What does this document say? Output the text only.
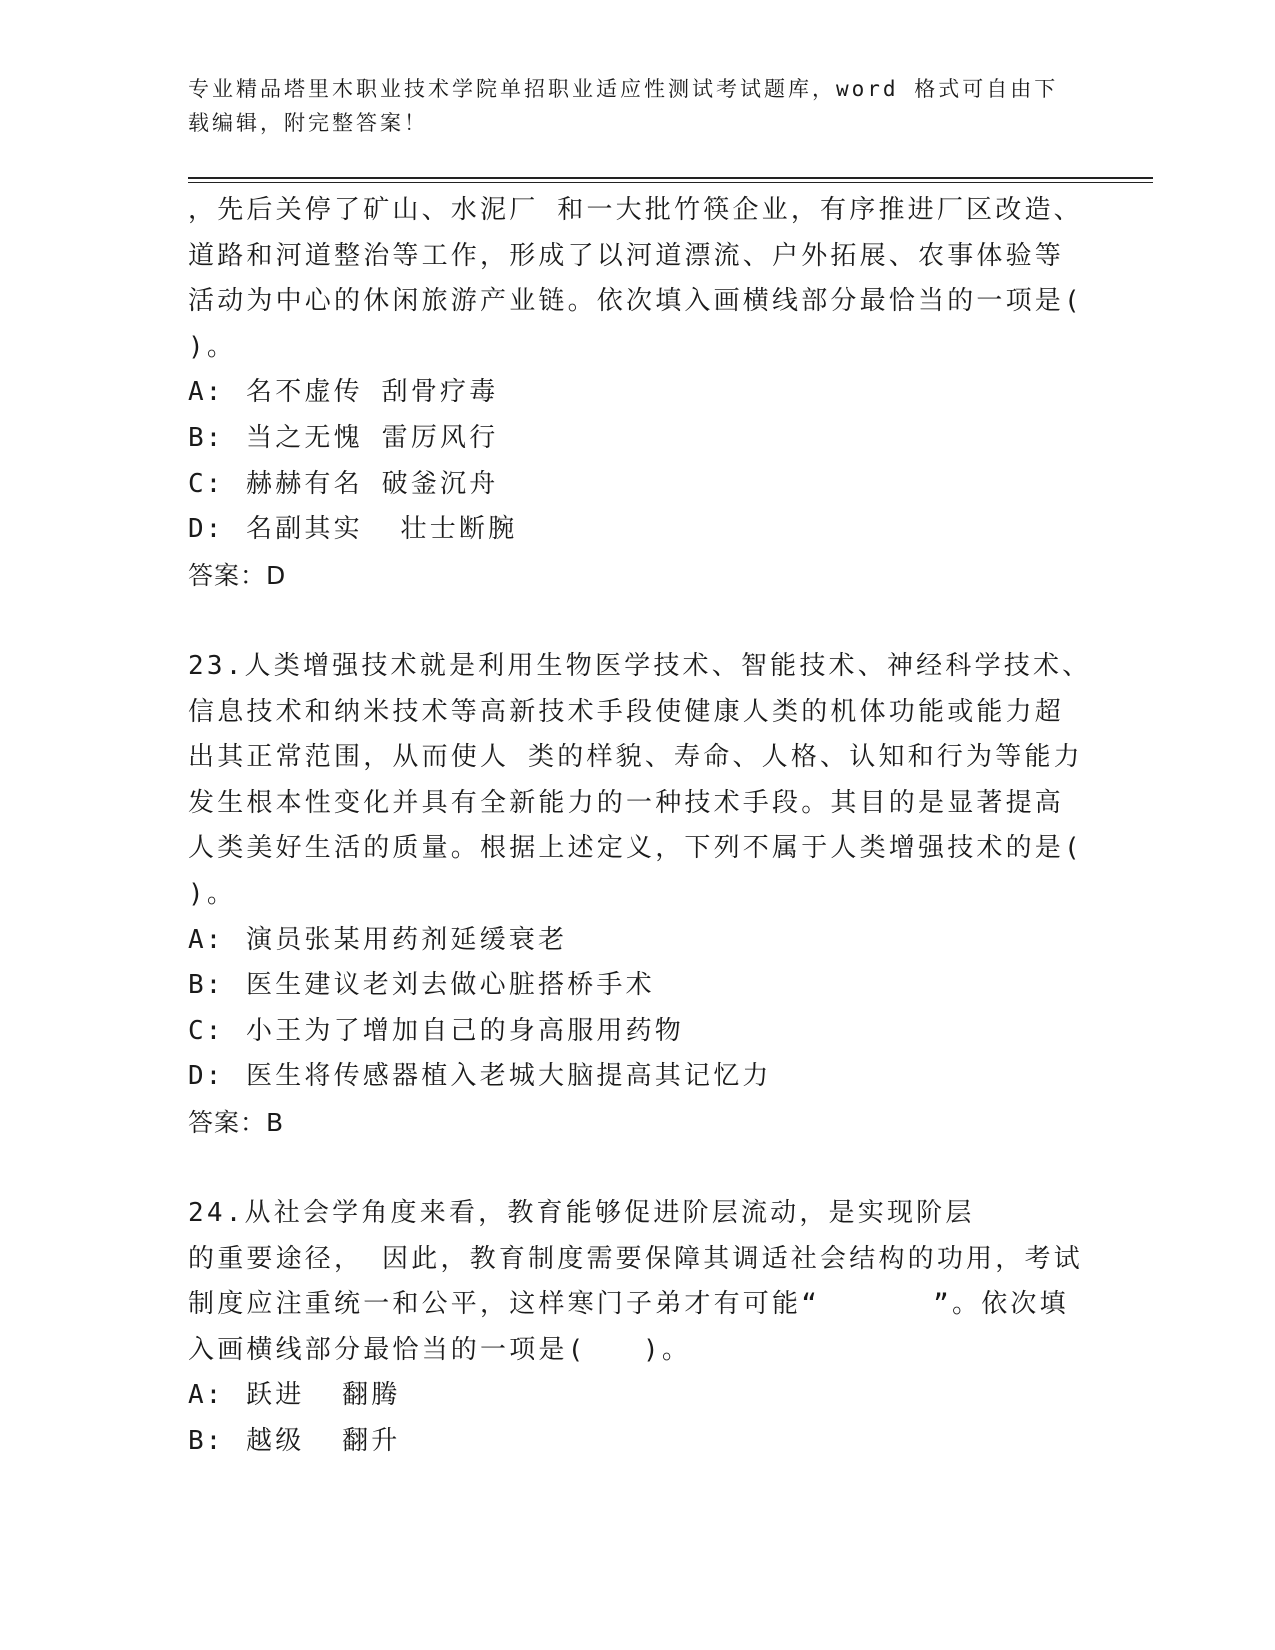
专业精品塔里木职业技术学院单招职业适应性测试考试题库，word 格式可自由下
载编辑，附完整答案！
，先后关停了矿山、水泥厂 和一大批竹筷企业，有序推进厂区改造、
道路和河道整治等工作，形成了以河道漂流、户外拓展、农事体验等
活动为中心的休闲旅游产业链。依次填入画横线部分最恰当的一项是(
)。
A: 名不虚传 刮骨疗毒
B: 当之无愧 雷厉风行
C: 赫赫有名 破釜沉舟
D: 名副其实  壮士断腕
答案：D
23.人类增强技术就是利用生物医学技术、智能技术、神经科学技术、
信息技术和纳米技术等高新技术手段使健康人类的机体功能或能力超
出其正常范围，从而使人 类的样貌、寿命、人格、认知和行为等能力
发生根本性变化并具有全新能力的一种技术手段。其目的是显著提高
人类美好生活的质量。根据上述定义，下列不属于人类增强技术的是(
)。
A: 演员张某用药剂延缓衰老
B: 医生建议老刘去做心脏搭桥手术
C: 小王为了增加自己的身高服用药物
D: 医生将传感器植入老城大脑提高其记忆力
答案：B
24.从社会学角度来看，教育能够促进阶层流动，是实现阶层
的重要途径， 因此，教育制度需要保障其调适社会结构的功用，考试
制度应注重统一和公平，这样寒门子弟才有可能“      ”。依次填
入画横线部分最恰当的一项是(   )。
A: 跃进  翻腾
B: 越级  翻升
